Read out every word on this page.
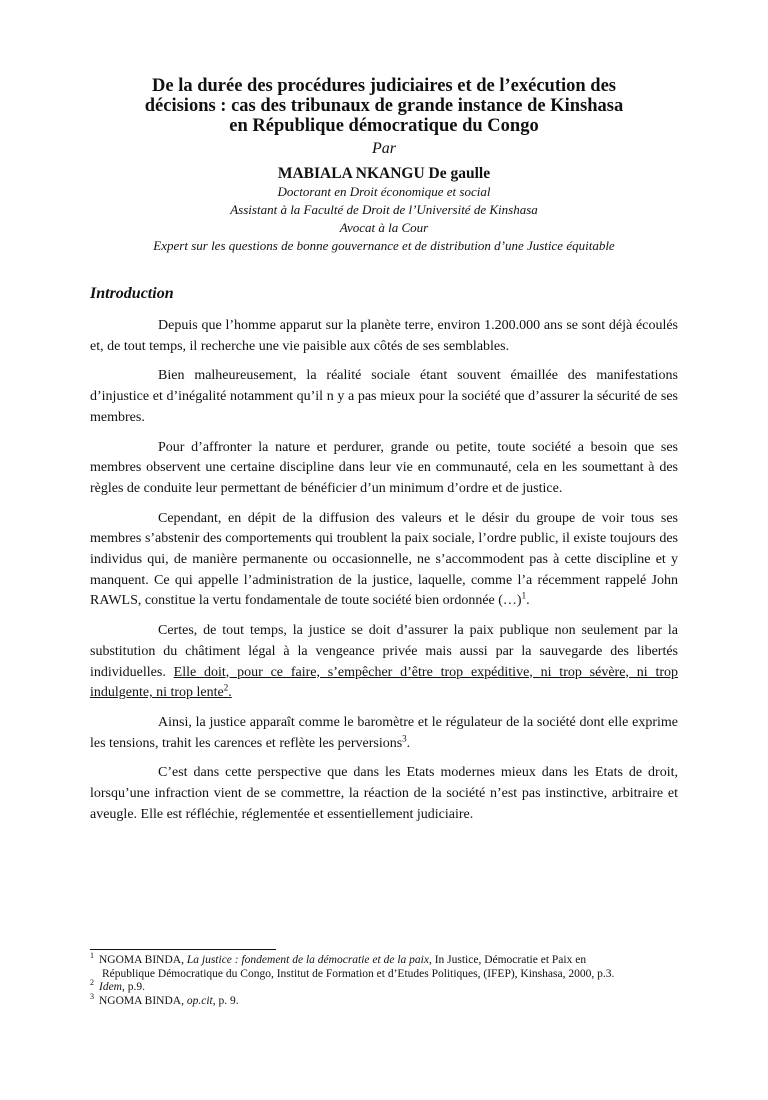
De la durée des procédures judiciaires et de l’exécution des
décisions : cas des tribunaux de grande instance de Kinshasa
en République démocratique du Congo
Par
MABIALA NKANGU De gaulle
Doctorant en Droit économique et social
Assistant à la Faculté de Droit de l’Université de Kinshasa
Avocat à la Cour
Expert sur les questions de bonne gouvernance et de distribution d’une Justice équitable
Introduction

Depuis que l’homme apparut sur la planète terre, environ 1.200.000 ans se sont déjà écoulés et, de tout temps, il recherche une vie paisible aux côtés de ses semblables.

Bien malheureusement, la réalité sociale étant souvent émaillée des manifestations d’injustice et d’inégalité notamment qu’il n y a pas mieux pour la société que d’assurer la sécurité de ses membres.

Pour d’affronter la nature et perdurer, grande ou petite, toute société a besoin que ses membres observent une certaine discipline dans leur vie en communauté, cela en les soumettant à des règles de conduite leur permettant de bénéficier d’un minimum d’ordre et de justice.

Cependant, en dépit de la diffusion des valeurs et le désir du groupe de voir tous ses membres s’abstenir des comportements qui troublent la paix sociale, l’ordre public, il existe toujours des individus qui, de manière permanente ou occasionnelle, ne s’accommodent pas à cette discipline et y manquent. Ce qui appelle l’administration de la justice, laquelle, comme l’a récemment rappelé John RAWLS, constitue la vertu fondamentale de toute société bien ordonnée (…)$^1$.

Certes, de tout temps, la justice se doit d’assurer la paix publique non seulement par la substitution du châtiment légal à la vengeance privée mais aussi par la sauvegarde des libertés individuelles. Elle doit, pour ce faire, s’empêcher d’être trop expéditive, ni trop sévère, ni trop indulgente, ni trop lente$^2$.

Ainsi, la justice apparaît comme le baromètre et le régulateur de la société dont elle exprime les tensions, trahit les carences et reflète les perversions$^3$.

C’est dans cette perspective que dans les Etats modernes mieux dans les Etats de droit, lorsqu’une infraction vient de se commettre, la réaction de la société n’est pas instinctive, arbitraire et aveugle. Elle est réfléchie, réglementée et essentiellement judiciaire.

$^1$ NGOMA BINDA, La justice : fondement de la démocratie et de la paix, In Justice, Démocratie et Paix en
République Démocratique du Congo, Institut de Formation et d’Etudes Politiques, (IFEP), Kinshasa, 2000, p.3.
$^2$ Idem, p.9.
$^3$ NGOMA BINDA, op.cit, p. 9.
